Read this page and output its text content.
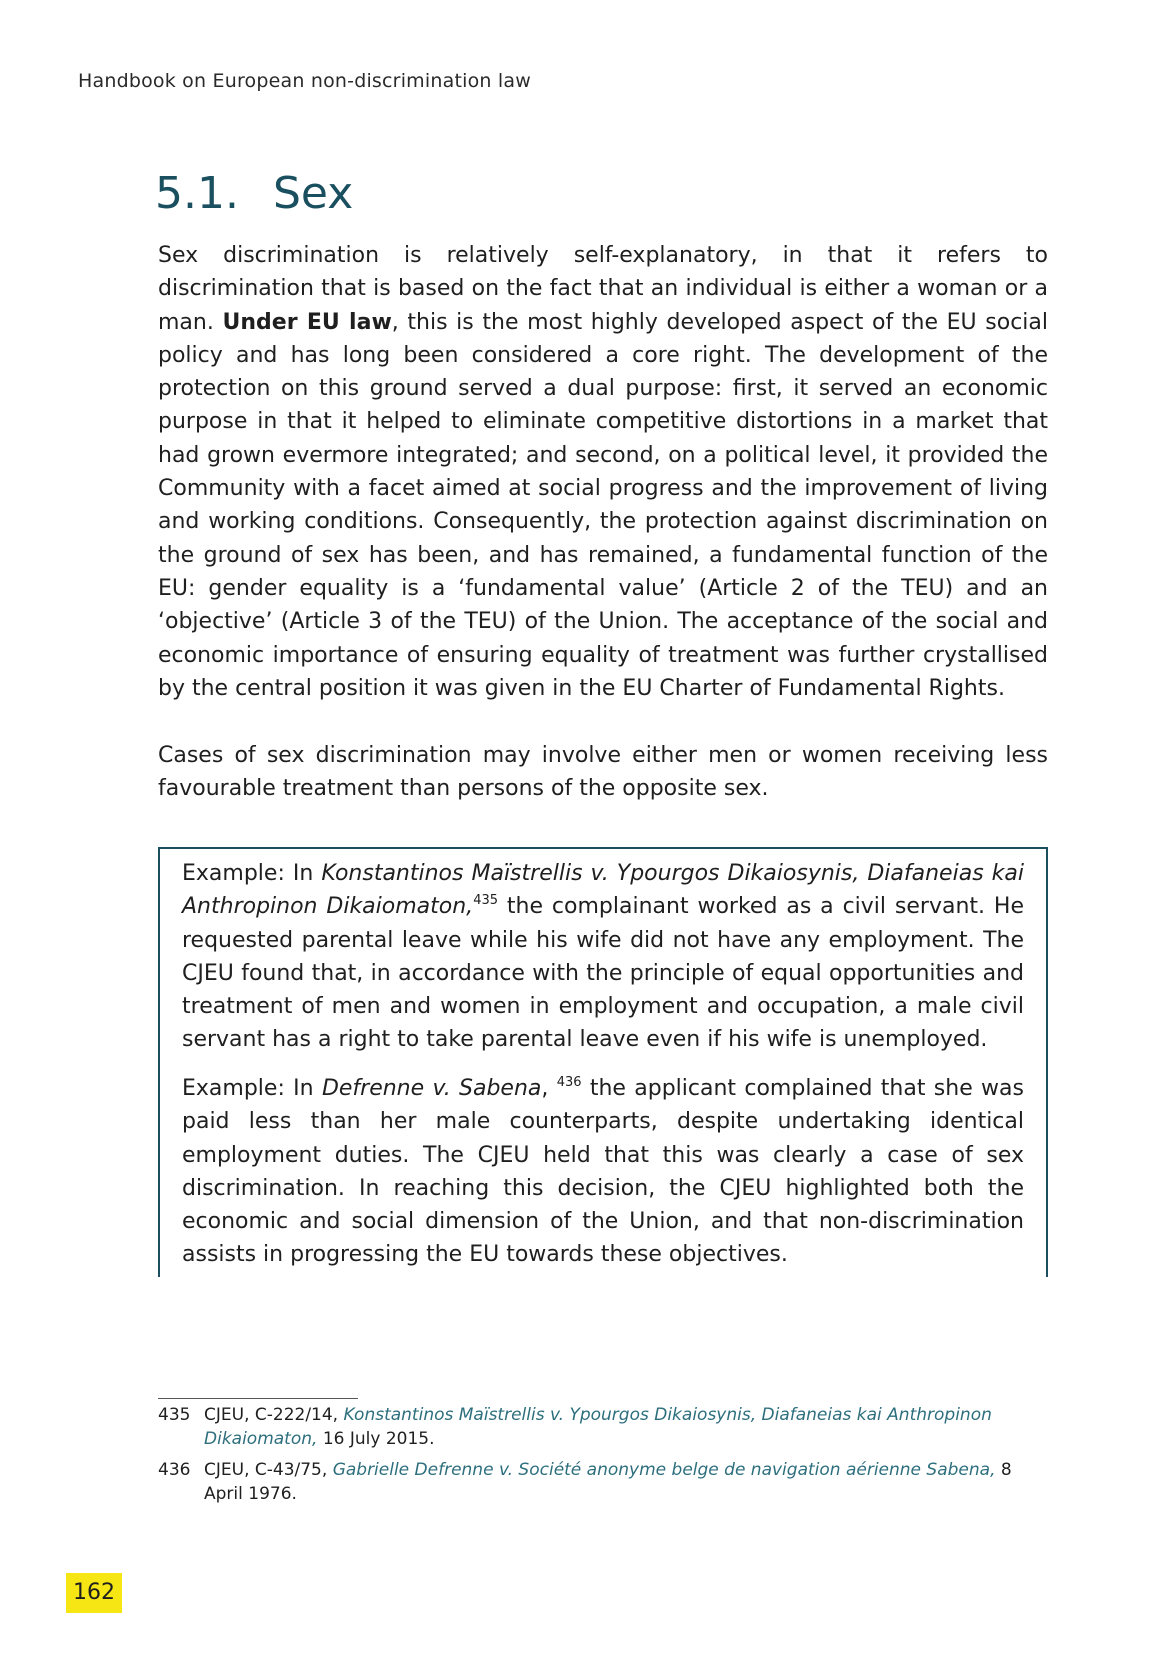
Handbook on European non-discrimination law
5.1. Sex

Sex discrimination is relatively self-explanatory, in that it refers to discrimination that is based on the fact that an individual is either a woman or a man. Under EU law, this is the most highly developed aspect of the EU social policy and has long been considered a core right. The development of the protection on this ground served a dual purpose: first, it served an economic purpose in that it helped to eliminate competitive distortions in a market that had grown evermore integrated; and second, on a political level, it provided the Community with a facet aimed at social progress and the improvement of living and working conditions. Consequently, the protection against discrimination on the ground of sex has been, and has remained, a fundamental function of the EU: gender equality is a ‘fundamental value’ (Article 2 of the TEU) and an ‘objective’ (Article 3 of the TEU) of the Union. The acceptance of the social and economic importance of ensuring equality of treatment was further crystallised by the central position it was given in the EU Charter of Fundamental Rights.

Cases of sex discrimination may involve either men or women receiving less favourable treatment than persons of the opposite sex.

Example: In Konstantinos Maïstrellis v. Ypourgos Dikaiosynis, Diafaneias kai Anthropinon Dikaiomaton,$^{435}$ the complainant worked as a civil servant. He requested parental leave while his wife did not have any employment. The CJEU found that, in accordance with the principle of equal opportunities and treatment of men and women in employment and occupation, a male civil servant has a right to take parental leave even if his wife is unemployed.

Example: In Defrenne v. Sabena, $^{436}$ the applicant complained that she was paid less than her male counterparts, despite undertaking identical employment duties. The CJEU held that this was clearly a case of sex discrimination. In reaching this decision, the CJEU highlighted both the economic and social dimension of the Union, and that non-discrimination assists in progressing the EU towards these objectives.

435 CJEU, C-222/14, Konstantinos Maïstrellis v. Ypourgos Dikaiosynis, Diafaneias kai Anthropinon Dikaiomaton, 16 July 2015.
436 CJEU, C-43/75, Gabrielle Defrenne v. Société anonyme belge de navigation aérienne Sabena, 8 April 1976.
162
